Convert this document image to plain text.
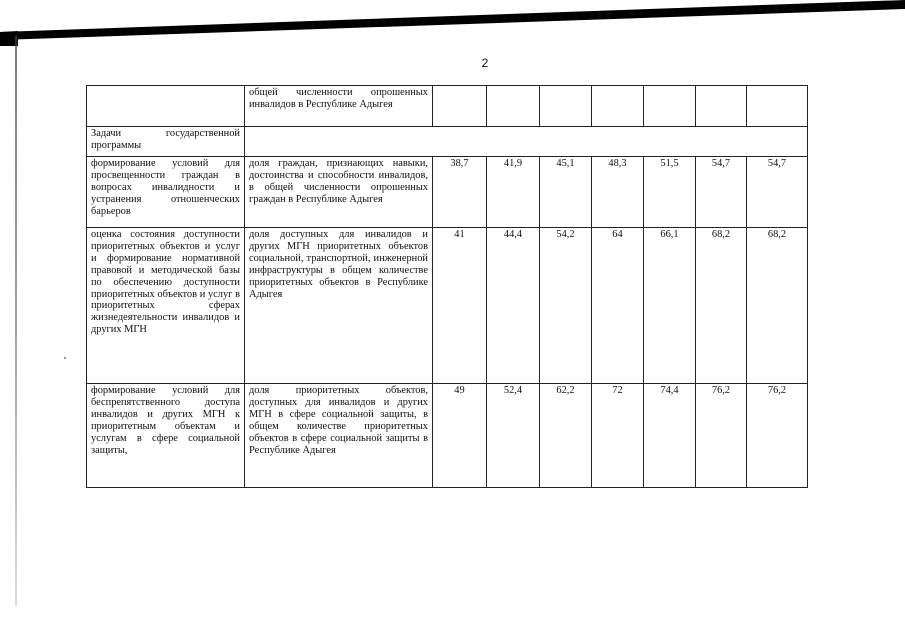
2
	общей численности опрошенных инвалидов в Республике Адыгея							
Задачи государственной программы								
формирование условий для просвещенности граждан в вопросах инвалидности и устранения отношенческих барьеров	доля граждан, признающих навыки, достоинства и способности инвалидов, в общей численности опрошенных граждан в Республике Адыгея	38,7	41,9	45,1	48,3	51,5	54,7	54,7
оценка состояния доступности приоритетных объектов и услуг и формирование нормативной правовой и методической базы по обеспечению доступности приоритетных объектов и услуг в приоритетных сферах жизнедеятельности инвалидов и других МГН	доля доступных для инвалидов и других МГН приоритетных объектов социальной, транспортной, инженерной инфраструктуры в общем количестве приоритетных объектов в Республике Адыгея	41	44,4	54,2	64	66,1	68,2	68,2
формирование условий для беспрепятственного доступа инвалидов и других МГН к приоритетным объектам и услугам в сфере социальной защиты,	доля приоритетных объектов, доступных для инвалидов и других МГН в сфере социальной защиты, в общем количестве приоритетных объектов в сфере социальной защиты в Республике Адыгея	49	52,4	62,2	72	74,4	76,2	76,2
